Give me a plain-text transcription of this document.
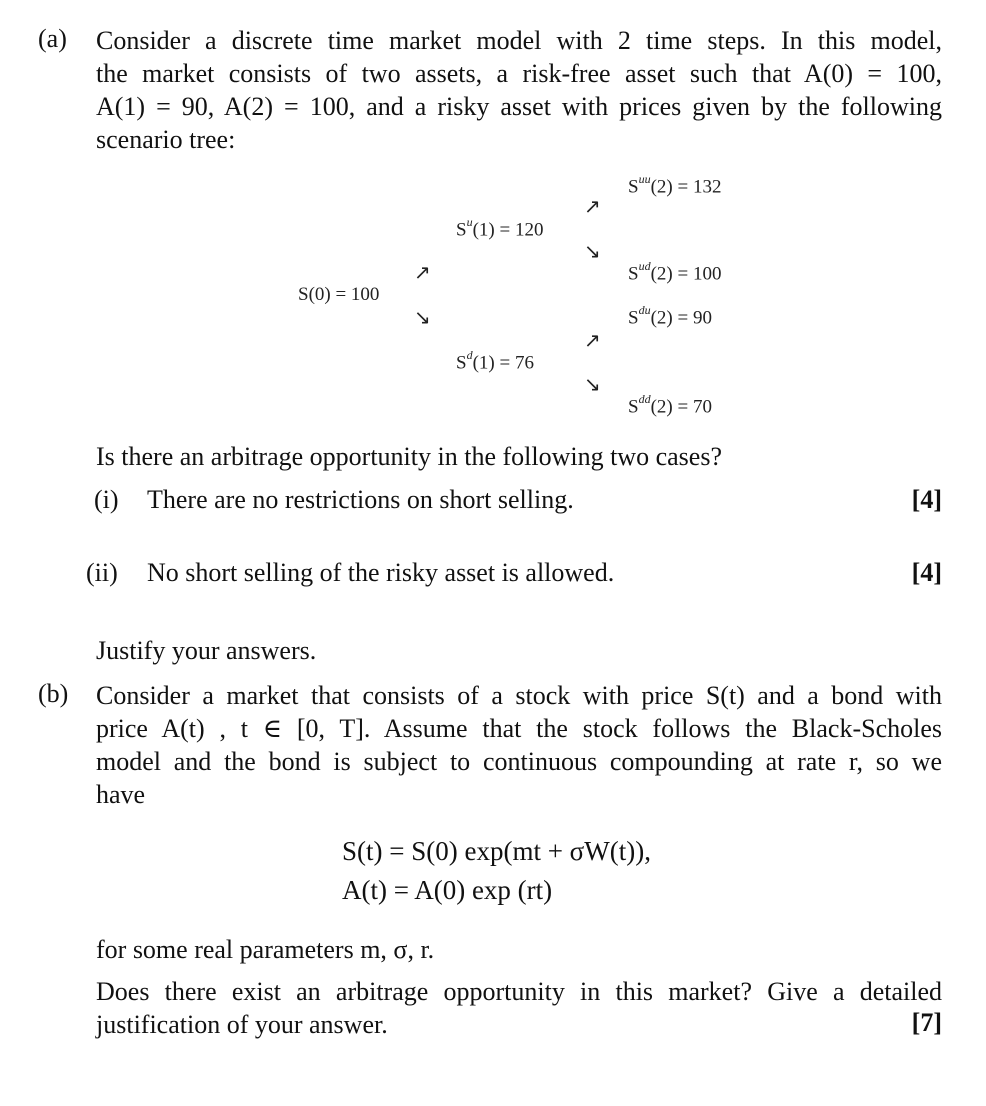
(a) Consider a discrete time market model with 2 time steps. In this model,
the market consists of two assets, a risk-free asset such that A(0) = 100,
A(1) = 90, A(2) = 100, and a risky asset with prices given by the following
scenario tree:
S(0) = 100
$S^u(1) = 120$
$S^d(1) = 76$
$S^{uu}(2) = 132$
$S^{ud}(2) = 100$
$S^{du}(2) = 90$
$S^{dd}(2) = 70$
↗
↘
↗
↘
↗
↘
Is there an arbitrage opportunity in the following two cases?
(i) There are no restrictions on short selling.	[4]
(ii) No short selling of the risky asset is allowed.	[4]
Justify your answers.
(b) Consider a market that consists of a stock with price S(t) and a bond with
price A(t) , t ∈ [0, T]. Assume that the stock follows the Black-Scholes
model and the bond is subject to continuous compounding at rate r, so we
have
S(t) = S(0) exp(mt + σW(t)),
A(t) = A(0) exp (rt)
for some real parameters m, σ, r.
Does there exist an arbitrage opportunity in this market? Give a detailed
justification of your answer.	[7]
